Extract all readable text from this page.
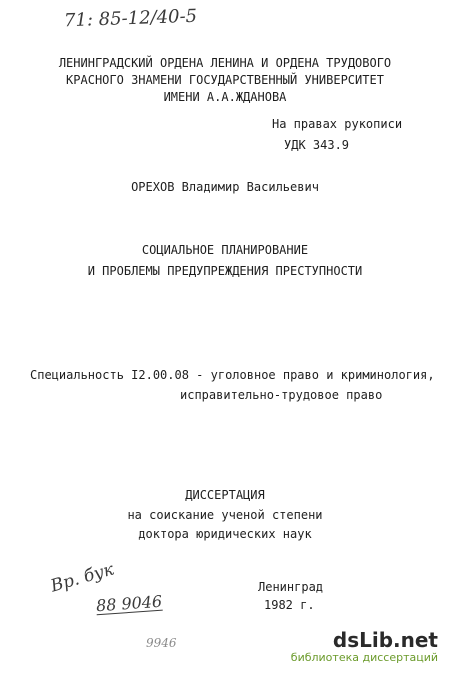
71: 85-12/40-5
ЛЕНИНГРАДСКИЙ ОРДЕНА ЛЕНИНА И ОРДЕНА ТРУДОВОГО
КРАСНОГО ЗНАМЕНИ ГОСУДАРСТВЕННЫЙ УНИВЕРСИТЕТ
ИМЕНИ А.А.ЖДАНОВА
На правах рукописи
УДК 343.9
ОРЕХОВ Владимир Васильевич
СОЦИАЛЬНОЕ ПЛАНИРОВАНИЕ
И ПРОБЛЕМЫ ПРЕДУПРЕЖДЕНИЯ ПРЕСТУПНОСТИ
Специальность I2.00.08 - уголовное право и криминология,
исправительно-трудовое право
ДИССЕРТАЦИЯ
на соискание ученой степени
доктора юридических наук
Вр. бук
88 9046
9946
Ленинград
1982 г.
dsLib.net
библиотека диссертаций
